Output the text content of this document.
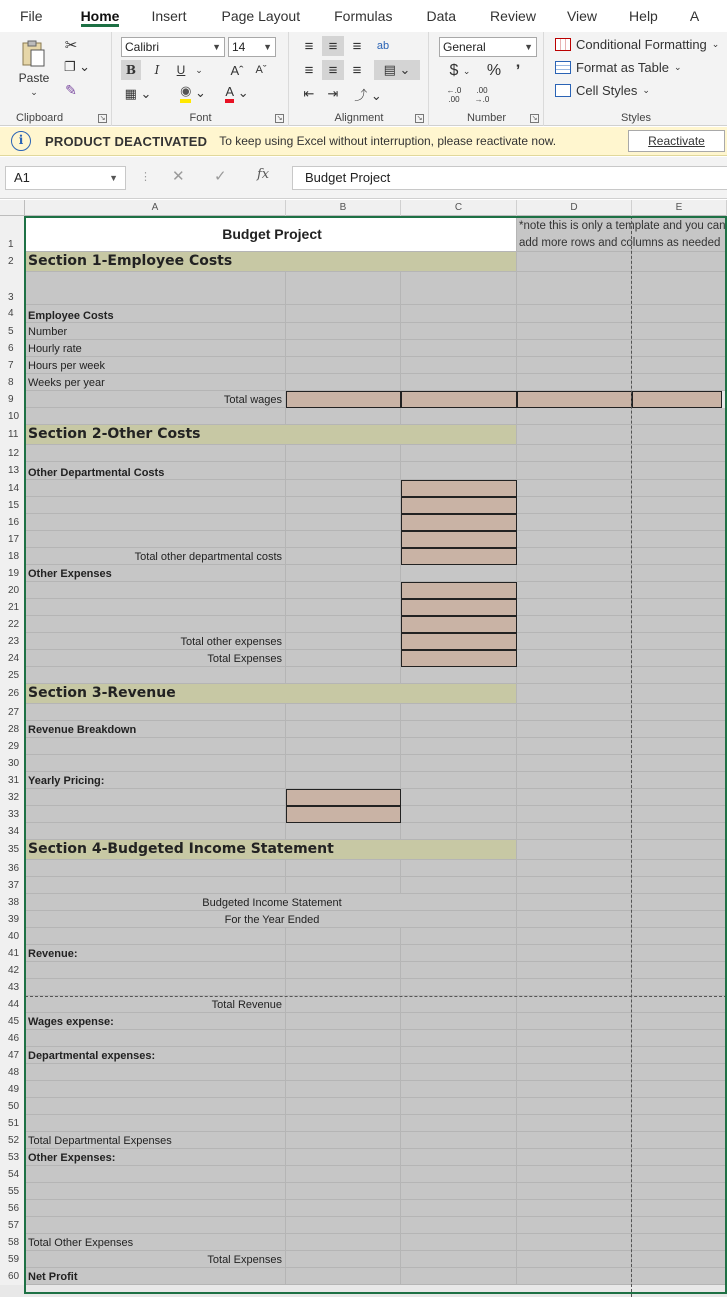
File	Home Insert	Page Layout	Formulas	Data	Review	View	Help	A
Paste
⌄
✂
❐ ⌄
✎
Clipboard	↘
Calibri	▼ 14 ▼
B	I	U	⌄ Aˆ	Aˇ
▦ ⌄ ◉ ⌄	A ⌄
Font	↘
≡	≡	≡	ab
≡	≡	≡	▤ ⌄
⇤	⇥	⤴ ⌄
Alignment	↘
General	▼
$
⌄	% ’
←.0
.00
.00
→.0
Number	↘	Styles
Conditional Formatting ⌄
Format as Table ⌄
Cell Styles ⌄
i	PRODUCT DEACTIVATED To keep using Excel without interruption, please reactivate now.	Reactivate
A1	▼ ⋮ ✕ ✓ fx	Budget Project
A	B	C	D	E
1
Budget Project
2	Section 1-Employee Costs
3
4	Employee Costs
5	Number
6	Hourly rate
7	Hours per week
8	Weeks per year
9	Total wages
10
11 Section 2-Other Costs
12
13 Other Departmental Costs
14
15
16
17
18	Total other departmental costs
19 Other Expenses
20
21
22
23	Total other expenses
24	Total Expenses
25
26 Section 3-Revenue
27
28 Revenue Breakdown
29
30
31 Yearly Pricing:
32
33
34
35 Section 4-Budgeted Income Statement
36
37
38	Budgeted Income Statement
39	For the Year Ended
40
41 Revenue:
42
43
44	Total Revenue
45 Wages expense:
46
47 Departmental expenses:
48
49
50
51
52 Total Departmental Expenses
53 Other Expenses:
54
55
56
57
58 Total Other Expenses
59	Total Expenses
60 Net Profit
*note this is only a template and you can add more rows and columns as needed
